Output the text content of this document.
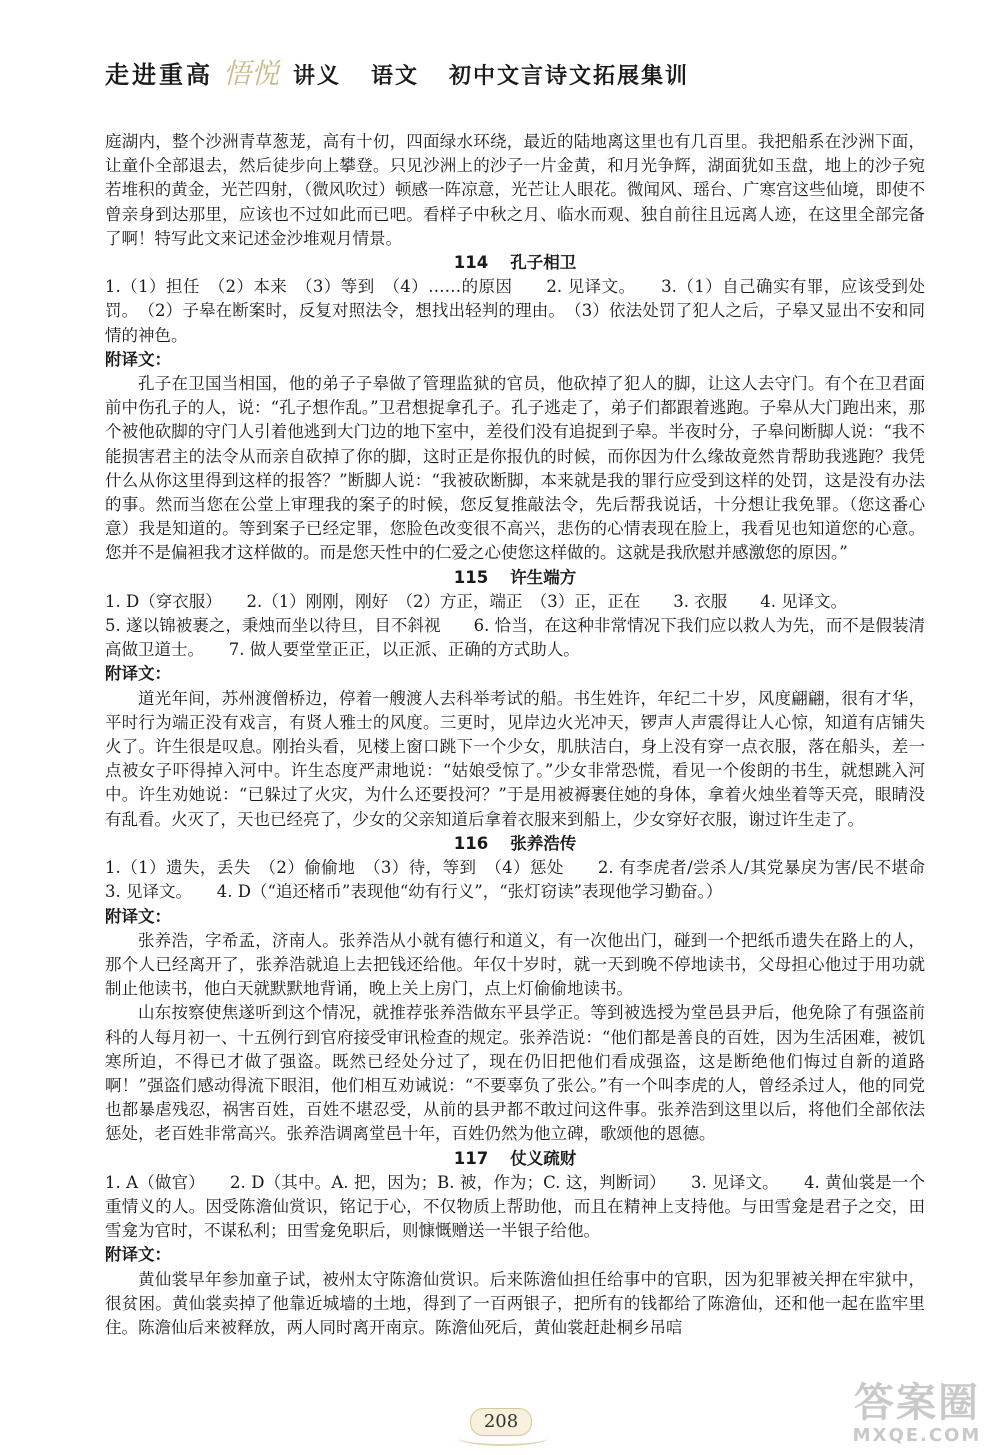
走进重高 悟悦 讲义 语文 初中文言诗文拓展集训

庭湖内，整个沙洲青草葱茏，高有十仞，四面绿水环绕，最近的陆地离这里也有几百里。我把船系在沙洲下面，让童仆全部退去，然后徒步向上攀登。只见沙洲上的沙子一片金黄，和月光争辉，湖面犹如玉盘，地上的沙子宛若堆积的黄金，光芒四射，（微风吹过）顿感一阵凉意，光芒让人眼花。微闻风、瑶台、广寒宫这些仙境，即使不曾亲身到达那里，应该也不过如此而已吧。看样子中秋之月、临水而观、独自前往且远离人迹，在这里全部完备了啊！特写此文来记述金沙堆观月情景。

114 孔子相卫

1.（1）担任　（2）本来　（3）等到　（4）……的原因　　2. 见译文。　　3.（1）自己确实有罪，应该受到处罚。　（2）子皋在断案时，反复对照法令，想找出轻判的理由。　（3）依法处罚了犯人之后，子皋又显出不安和同情的神色。

附译文：

孔子在卫国当相国，他的弟子子皋做了管理监狱的官员，他砍掉了犯人的脚，让这人去守门。有个在卫君面前中伤孔子的人，说：“孔子想作乱。”卫君想捉拿孔子。孔子逃走了，弟子们都跟着逃跑。子皋从大门跑出来，那个被他砍脚的守门人引着他逃到大门边的地下室中，差役们没有追捉到子皋。半夜时分，子皋问断脚人说：“我不能损害君主的法令从而亲自砍掉了你的脚，这时正是你报仇的时候，而你因为什么缘故竟然肯帮助我逃跑？我凭什么从你这里得到这样的报答？”断脚人说：“我被砍断脚，本来就是我的罪行应受到这样的处罚，这是没有办法的事。然而当您在公堂上审理我的案子的时候，您反复推敲法令，先后帮我说话，十分想让我免罪。（您这番心意）我是知道的。等到案子已经定罪，您脸色改变很不高兴，悲伤的心情表现在脸上，我看见也知道您的心意。您并不是偏袒我才这样做的。而是您天性中的仁爱之心使您这样做的。这就是我欣慰并感激您的原因。”

115 许生端方

1. D（穿衣服）　　2.（1）刚刚，刚好　（2）方正，端正　（3）正，正在　　3. 衣服　　4. 见译文。

5. 遂以锦被裹之，秉烛而坐以待旦，目不斜视　　6. 恰当，在这种非常情况下我们应以救人为先，而不是假装清高做卫道士。　　7. 做人要堂堂正正，以正派、正确的方式助人。

附译文：

道光年间，苏州渡僧桥边，停着一艘渡人去科举考试的船。书生姓许，年纪二十岁，风度翩翩，很有才华，平时行为端正没有戏言，有贤人雅士的风度。三更时，见岸边火光冲天，锣声人声震得让人心惊，知道有店铺失火了。许生很是叹息。刚抬头看，见楼上窗口跳下一个少女，肌肤洁白，身上没有穿一点衣服，落在船头，差一点被女子吓得掉入河中。许生态度严肃地说：“姑娘受惊了。”少女非常恐慌，看见一个俊朗的书生，就想跳入河中。许生劝她说：“已躲过了火灾，为什么还要投河？”于是用被褥裹住她的身体，拿着火烛坐着等天亮，眼睛没有乱看。火灭了，天也已经亮了，少女的父亲知道后拿着衣服来到船上，少女穿好衣服，谢过许生走了。

116 张养浩传

1.（1）遗失，丢失　（2）偷偷地　（3）待，等到　（4）惩处　　2. 有李虎者/尝杀人/其党暴戾为害/民不堪命　　3. 见译文。　　4. D（“追还楮币”表现他“幼有行义”，“张灯窃读”表现他学习勤奋。）

附译文：

张养浩，字希孟，济南人。张养浩从小就有德行和道义，有一次他出门，碰到一个把纸币遗失在路上的人，那个人已经离开了，张养浩就追上去把钱还给他。年仅十岁时，就一天到晚不停地读书，父母担心他过于用功就制止他读书，他白天就默默地背诵，晚上关上房门，点上灯偷偷地读书。

山东按察使焦遂听到这个情况，就推荐张养浩做东平县学正。等到被选授为堂邑县尹后，他免除了有强盗前科的人每月初一、十五例行到官府接受审讯检查的规定。张养浩说：“他们都是善良的百姓，因为生活困难，被饥寒所迫，不得已才做了强盗。既然已经处分过了，现在仍旧把他们看成强盗，这是断绝他们悔过自新的道路啊！”强盗们感动得流下眼泪，他们相互劝诫说：“不要辜负了张公。”有一个叫李虎的人，曾经杀过人，他的同党也都暴虐残忍，祸害百姓，百姓不堪忍受，从前的县尹都不敢过问这件事。张养浩到这里以后，将他们全部依法惩处，老百姓非常高兴。张养浩调离堂邑十年，百姓仍然为他立碑，歌颂他的恩德。

117 仗义疏财

1. A（做官）　　2. D（其中。A. 把，因为；B. 被，作为；C. 这，判断词）　　3. 见译文。　　4. 黄仙裳是一个重情义的人。因受陈澹仙赏识，铭记于心，不仅物质上帮助他，而且在精神上支持他。与田雪龛是君子之交，田雪龛为官时，不谋私利；田雪龛免职后，则慷慨赠送一半银子给他。

附译文：

黄仙裳早年参加童子试，被州太守陈澹仙赏识。后来陈澹仙担任给事中的官职，因为犯罪被关押在牢狱中，很贫困。黄仙裳卖掉了他靠近城墙的土地，得到了一百两银子，把所有的钱都给了陈澹仙，还和他一起在监牢里住。陈澹仙后来被释放，两人同时离开南京。陈澹仙死后，黄仙裳赶赴桐乡吊唁

208	答案圈
MXQE.COM
